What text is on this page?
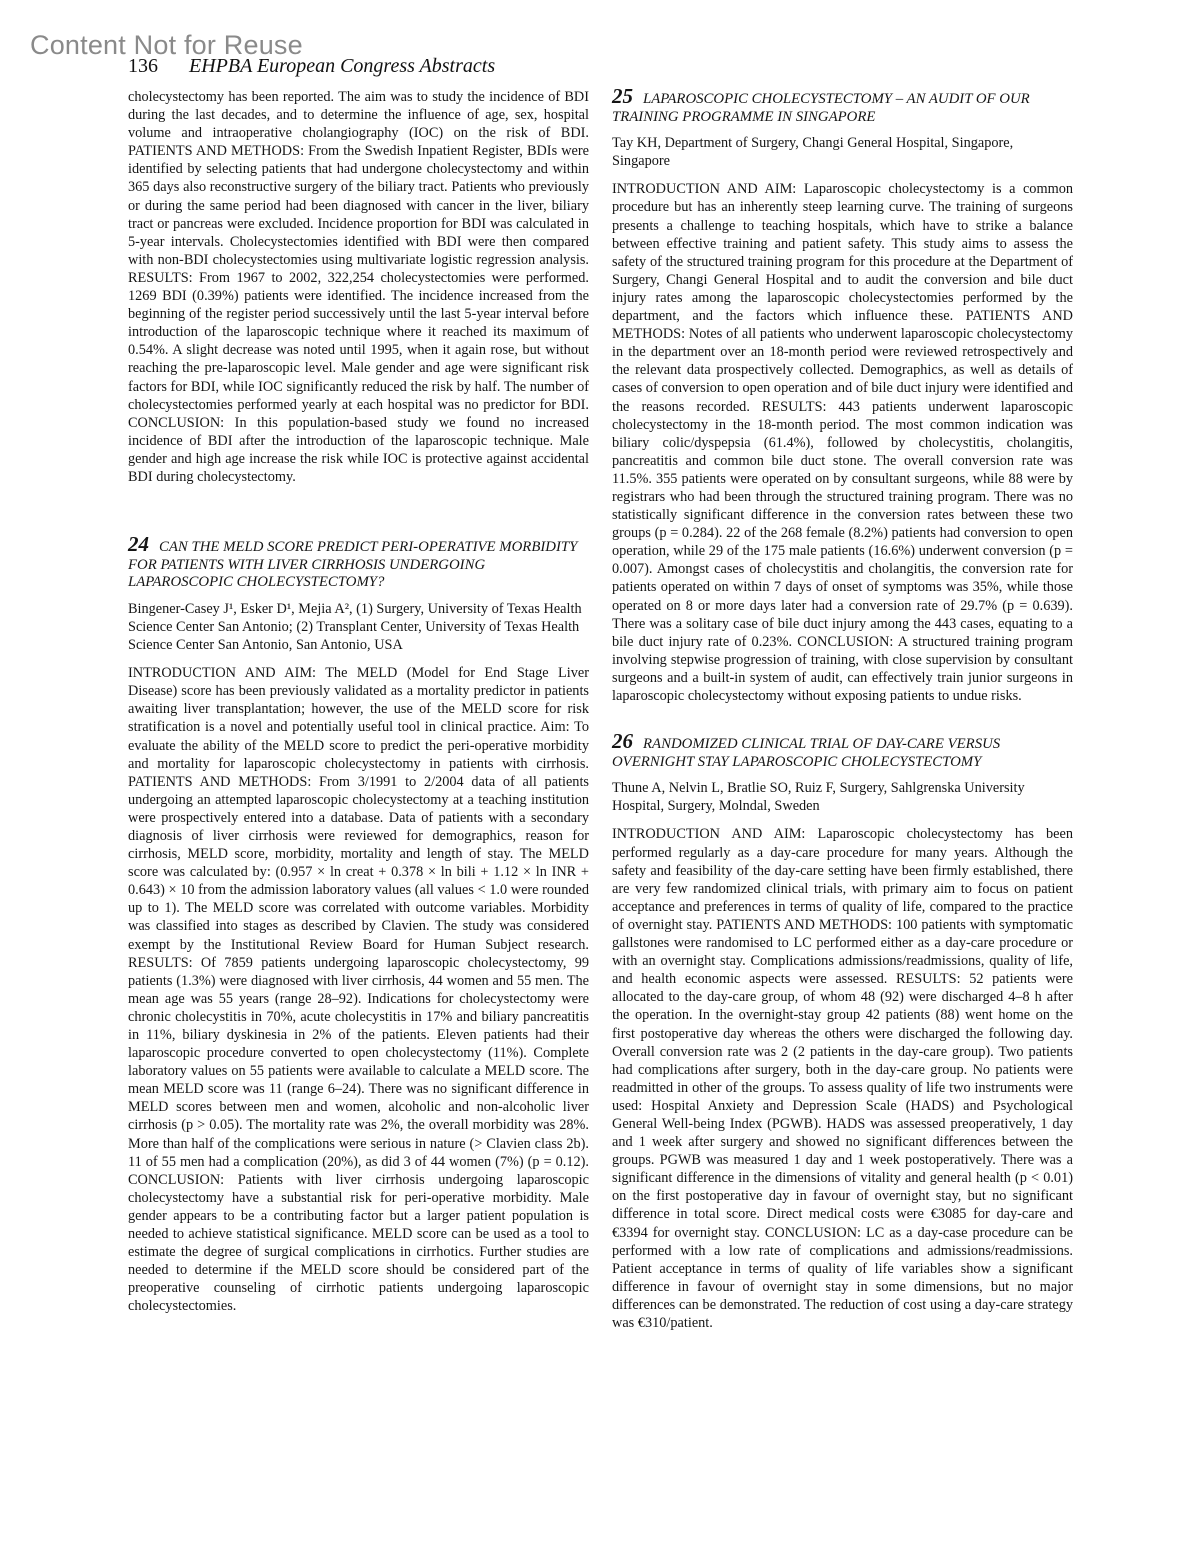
Content Not for Reuse
136 EHPBA European Congress Abstracts

cholecystectomy has been reported. The aim was to study the incidence of BDI during the last decades, and to determine the influence of age, sex, hospital volume and intraoperative cholangiography (IOC) on the risk of BDI. PATIENTS AND METHODS: From the Swedish Inpatient Register, BDIs were identified by selecting patients that had undergone cholecystectomy and within 365 days also reconstructive surgery of the biliary tract. Patients who previously or during the same period had been diagnosed with cancer in the liver, biliary tract or pancreas were excluded. Incidence proportion for BDI was calculated in 5-year intervals. Cholecystectomies identified with BDI were then compared with non-BDI cholecystectomies using multivariate logistic regression analysis. RESULTS: From 1967 to 2002, 322,254 cholecystectomies were performed. 1269 BDI (0.39%) patients were identified. The incidence increased from the beginning of the register period successively until the last 5-year interval before introduction of the laparoscopic technique where it reached its maximum of 0.54%. A slight decrease was noted until 1995, when it again rose, but without reaching the pre-laparoscopic level. Male gender and age were significant risk factors for BDI, while IOC significantly reduced the risk by half. The number of cholecystectomies performed yearly at each hospital was no predictor for BDI. CONCLUSION: In this population-based study we found no increased incidence of BDI after the introduction of the laparoscopic technique. Male gender and high age increase the risk while IOC is protective against accidental BDI during cholecystectomy.

24 CAN THE MELD SCORE PREDICT PERI-OPERATIVE MORBIDITY FOR PATIENTS WITH LIVER CIRRHOSIS UNDERGOING LAPAROSCOPIC CHOLECYSTECTOMY?

Bingener-Casey J¹, Esker D¹, Mejia A², (1) Surgery, University of Texas Health Science Center San Antonio; (2) Transplant Center, University of Texas Health Science Center San Antonio, San Antonio, USA

INTRODUCTION AND AIM: The MELD (Model for End Stage Liver Disease) score has been previously validated as a mortality predictor in patients awaiting liver transplantation; however, the use of the MELD score for risk stratification is a novel and potentially useful tool in clinical practice. Aim: To evaluate the ability of the MELD score to predict the peri-operative morbidity and mortality for laparoscopic cholecystectomy in patients with cirrhosis. PATIENTS AND METHODS: From 3/1991 to 2/2004 data of all patients undergoing an attempted laparoscopic cholecystectomy at a teaching institution were prospectively entered into a database. Data of patients with a secondary diagnosis of liver cirrhosis were reviewed for demographics, reason for cirrhosis, MELD score, morbidity, mortality and length of stay. The MELD score was calculated by: (0.957 × ln creat + 0.378 × ln bili + 1.12 × ln INR + 0.643) × 10 from the admission laboratory values (all values < 1.0 were rounded up to 1). The MELD score was correlated with outcome variables. Morbidity was classified into stages as described by Clavien. The study was considered exempt by the Institutional Review Board for Human Subject research. RESULTS: Of 7859 patients undergoing laparoscopic cholecystectomy, 99 patients (1.3%) were diagnosed with liver cirrhosis, 44 women and 55 men. The mean age was 55 years (range 28–92). Indications for cholecystectomy were chronic cholecystitis in 70%, acute cholecystitis in 17% and biliary pancreatitis in 11%, biliary dyskinesia in 2% of the patients. Eleven patients had their laparoscopic procedure converted to open cholecystectomy (11%). Complete laboratory values on 55 patients were available to calculate a MELD score. The mean MELD score was 11 (range 6–24). There was no significant difference in MELD scores between men and women, alcoholic and non-alcoholic liver cirrhosis (p > 0.05). The mortality rate was 2%, the overall morbidity was 28%. More than half of the complications were serious in nature (> Clavien class 2b). 11 of 55 men had a complication (20%), as did 3 of 44 women (7%) (p = 0.12). CONCLUSION: Patients with liver cirrhosis undergoing laparoscopic cholecystectomy have a substantial risk for peri-operative morbidity. Male gender appears to be a contributing factor but a larger patient population is needed to achieve statistical significance. MELD score can be used as a tool to estimate the degree of surgical complications in cirrhotics. Further studies are needed to determine if the MELD score should be considered part of the preoperative counseling of cirrhotic patients undergoing laparoscopic cholecystectomies.

25 LAPAROSCOPIC CHOLECYSTECTOMY – AN AUDIT OF OUR TRAINING PROGRAMME IN SINGAPORE

Tay KH, Department of Surgery, Changi General Hospital, Singapore, Singapore

INTRODUCTION AND AIM: Laparoscopic cholecystectomy is a common procedure but has an inherently steep learning curve. The training of surgeons presents a challenge to teaching hospitals, which have to strike a balance between effective training and patient safety. This study aims to assess the safety of the structured training program for this procedure at the Department of Surgery, Changi General Hospital and to audit the conversion and bile duct injury rates among the laparoscopic cholecystectomies performed by the department, and the factors which influence these. PATIENTS AND METHODS: Notes of all patients who underwent laparoscopic cholecystectomy in the department over an 18-month period were reviewed retrospectively and the relevant data prospectively collected. Demographics, as well as details of cases of conversion to open operation and of bile duct injury were identified and the reasons recorded. RESULTS: 443 patients underwent laparoscopic cholecystectomy in the 18-month period. The most common indication was biliary colic/dyspepsia (61.4%), followed by cholecystitis, cholangitis, pancreatitis and common bile duct stone. The overall conversion rate was 11.5%. 355 patients were operated on by consultant surgeons, while 88 were by registrars who had been through the structured training program. There was no statistically significant difference in the conversion rates between these two groups (p = 0.284). 22 of the 268 female (8.2%) patients had conversion to open operation, while 29 of the 175 male patients (16.6%) underwent conversion (p = 0.007). Amongst cases of cholecystitis and cholangitis, the conversion rate for patients operated on within 7 days of onset of symptoms was 35%, while those operated on 8 or more days later had a conversion rate of 29.7% (p = 0.639). There was a solitary case of bile duct injury among the 443 cases, equating to a bile duct injury rate of 0.23%. CONCLUSION: A structured training program involving stepwise progression of training, with close supervision by consultant surgeons and a built-in system of audit, can effectively train junior surgeons in laparoscopic cholecystectomy without exposing patients to undue risks.

26 RANDOMIZED CLINICAL TRIAL OF DAY-CARE VERSUS OVERNIGHT STAY LAPAROSCOPIC CHOLECYSTECTOMY

Thune A, Nelvin L, Bratlie SO, Ruiz F, Surgery, Sahlgrenska University Hospital, Surgery, Molndal, Sweden

INTRODUCTION AND AIM: Laparoscopic cholecystectomy has been performed regularly as a day-care procedure for many years. Although the safety and feasibility of the day-care setting have been firmly established, there are very few randomized clinical trials, with primary aim to focus on patient acceptance and preferences in terms of quality of life, compared to the practice of overnight stay. PATIENTS AND METHODS: 100 patients with symptomatic gallstones were randomised to LC performed either as a day-care procedure or with an overnight stay. Complications admissions/readmissions, quality of life, and health economic aspects were assessed. RESULTS: 52 patients were allocated to the day-care group, of whom 48 (92) were discharged 4–8 h after the operation. In the overnight-stay group 42 patients (88) went home on the first postoperative day whereas the others were discharged the following day. Overall conversion rate was 2 (2 patients in the day-care group). Two patients had complications after surgery, both in the day-care group. No patients were readmitted in other of the groups. To assess quality of life two instruments were used: Hospital Anxiety and Depression Scale (HADS) and Psychological General Well-being Index (PGWB). HADS was assessed preoperatively, 1 day and 1 week after surgery and showed no significant differences between the groups. PGWB was measured 1 day and 1 week postoperatively. There was a significant difference in the dimensions of vitality and general health (p < 0.01) on the first postoperative day in favour of overnight stay, but no significant difference in total score. Direct medical costs were €3085 for day-care and €3394 for overnight stay. CONCLUSION: LC as a day-case procedure can be performed with a low rate of complications and admissions/readmissions. Patient acceptance in terms of quality of life variables show a significant difference in favour of overnight stay in some dimensions, but no major differences can be demonstrated. The reduction of cost using a day-care strategy was €310/patient.
